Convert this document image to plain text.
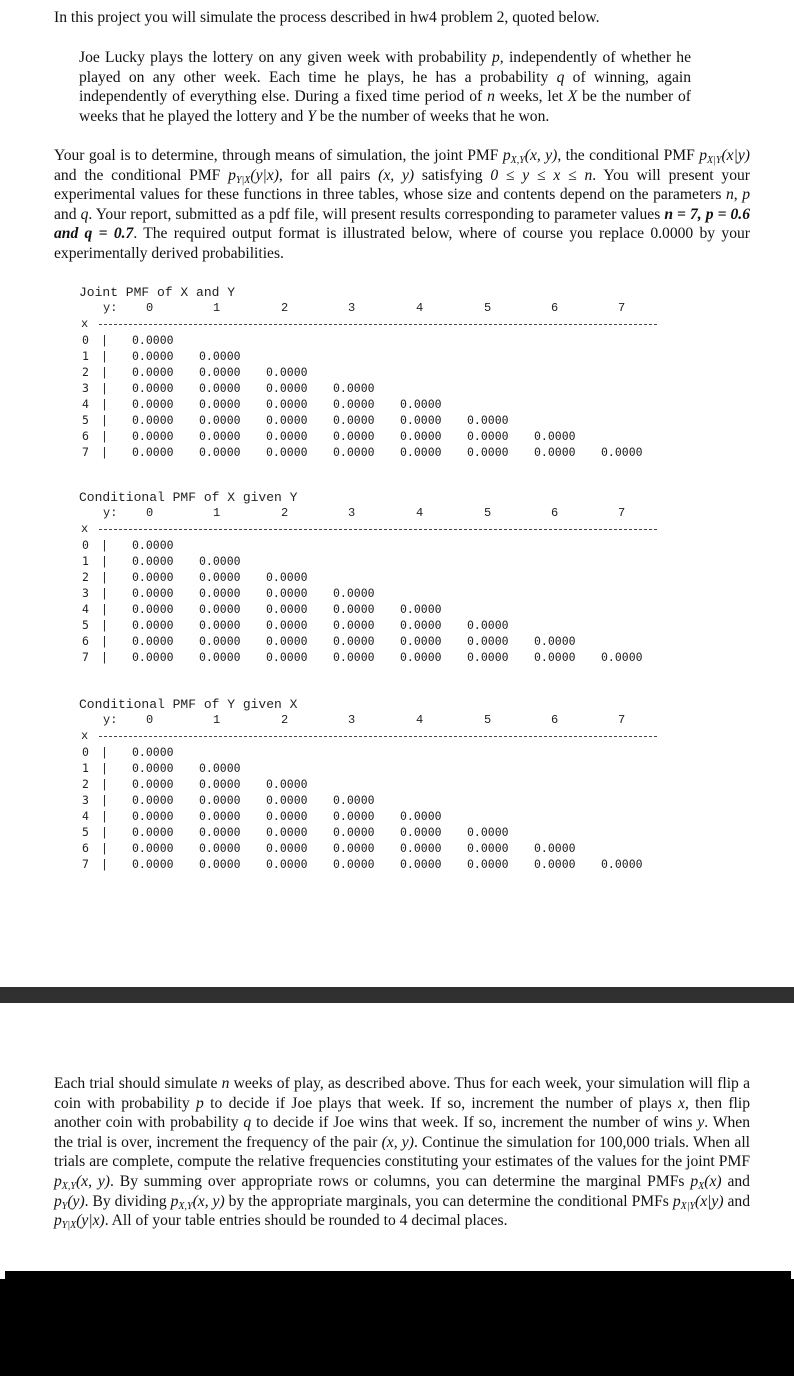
In this project you will simulate the process described in hw4 problem 2, quoted below.

Joe Lucky plays the lottery on any given week with probability p, independently of whether he played on any other week. Each time he plays, he has a probability q of winning, again independently of everything else. During a fixed time period of n weeks, let X be the number of weeks that he played the lottery and Y be the number of weeks that he won.

Your goal is to determine, through means of simulation, the joint PMF $p_{X,Y}(x$, y), the conditional PMF $p_{X|Y}(x|y)$ and the conditional PMF $p_{Y|X}(y|x)$, for all pairs (x, y) satisfying 0 ≤ y ≤ x ≤ n. You will present your experimental values for these functions in three tables, whose size and contents depend on the parameters n, p and q. Your report, submitted as a pdf file, will present results corresponding to parameter values n = 7, p = 0.6 and q = 0.7. The required output format is illustrated below, where of course you replace 0.0000 by your experimentally derived probabilities.

Joint PMF of X and Y
y: 0	1	2	3	4	5	6	7
x
0 | 0.0000
1 | 0.0000 0.0000
2 | 0.0000 0.0000 0.0000
3 | 0.0000 0.0000 0.0000 0.0000
4 | 0.0000 0.0000 0.0000 0.0000 0.0000
5 | 0.0000 0.0000 0.0000 0.0000 0.0000 0.0000
6 | 0.0000 0.0000 0.0000 0.0000 0.0000 0.0000 0.0000
7 | 0.0000 0.0000 0.0000 0.0000 0.0000 0.0000 0.0000 0.0000
Conditional PMF of X given Y
y: 0	1	2	3	4	5	6	7
x
0 | 0.0000
1 | 0.0000 0.0000
2 | 0.0000 0.0000 0.0000
3 | 0.0000 0.0000 0.0000 0.0000
4 | 0.0000 0.0000 0.0000 0.0000 0.0000
5 | 0.0000 0.0000 0.0000 0.0000 0.0000 0.0000
6 | 0.0000 0.0000 0.0000 0.0000 0.0000 0.0000 0.0000
7 | 0.0000 0.0000 0.0000 0.0000 0.0000 0.0000 0.0000 0.0000
Conditional PMF of Y given X
y: 0	1	2	3	4	5	6	7
x
0 | 0.0000
1 | 0.0000 0.0000
2 | 0.0000 0.0000 0.0000
3 | 0.0000 0.0000 0.0000 0.0000
4 | 0.0000 0.0000 0.0000 0.0000 0.0000
5 | 0.0000 0.0000 0.0000 0.0000 0.0000 0.0000
6 | 0.0000 0.0000 0.0000 0.0000 0.0000 0.0000 0.0000
7 | 0.0000 0.0000 0.0000 0.0000 0.0000 0.0000 0.0000 0.0000

Each trial should simulate n weeks of play, as described above. Thus for each week, your simulation will flip a coin with probability p to decide if Joe plays that week. If so, increment the number of plays x, then flip another coin with probability q to decide if Joe wins that week. If so, increment the number of wins y. When the trial is over, increment the frequency of the pair (x, y). Continue the simulation for 100,000 trials. When all trials are complete, compute the relative frequencies constituting your estimates of the values for the joint PMF $p_{X,Y}(x$, y). By summing over appropriate rows or columns, you can determine the marginal PMFs $p_X(x)$ and $p_Y(y)$. By dividing $p_{X,Y}(x$, y) by the appropriate marginals, you can determine the conditional PMFs $p_{X|Y}(x|y)$ and $p_{Y|X}(y|x)$. All of your table entries should be rounded to 4 decimal places.
